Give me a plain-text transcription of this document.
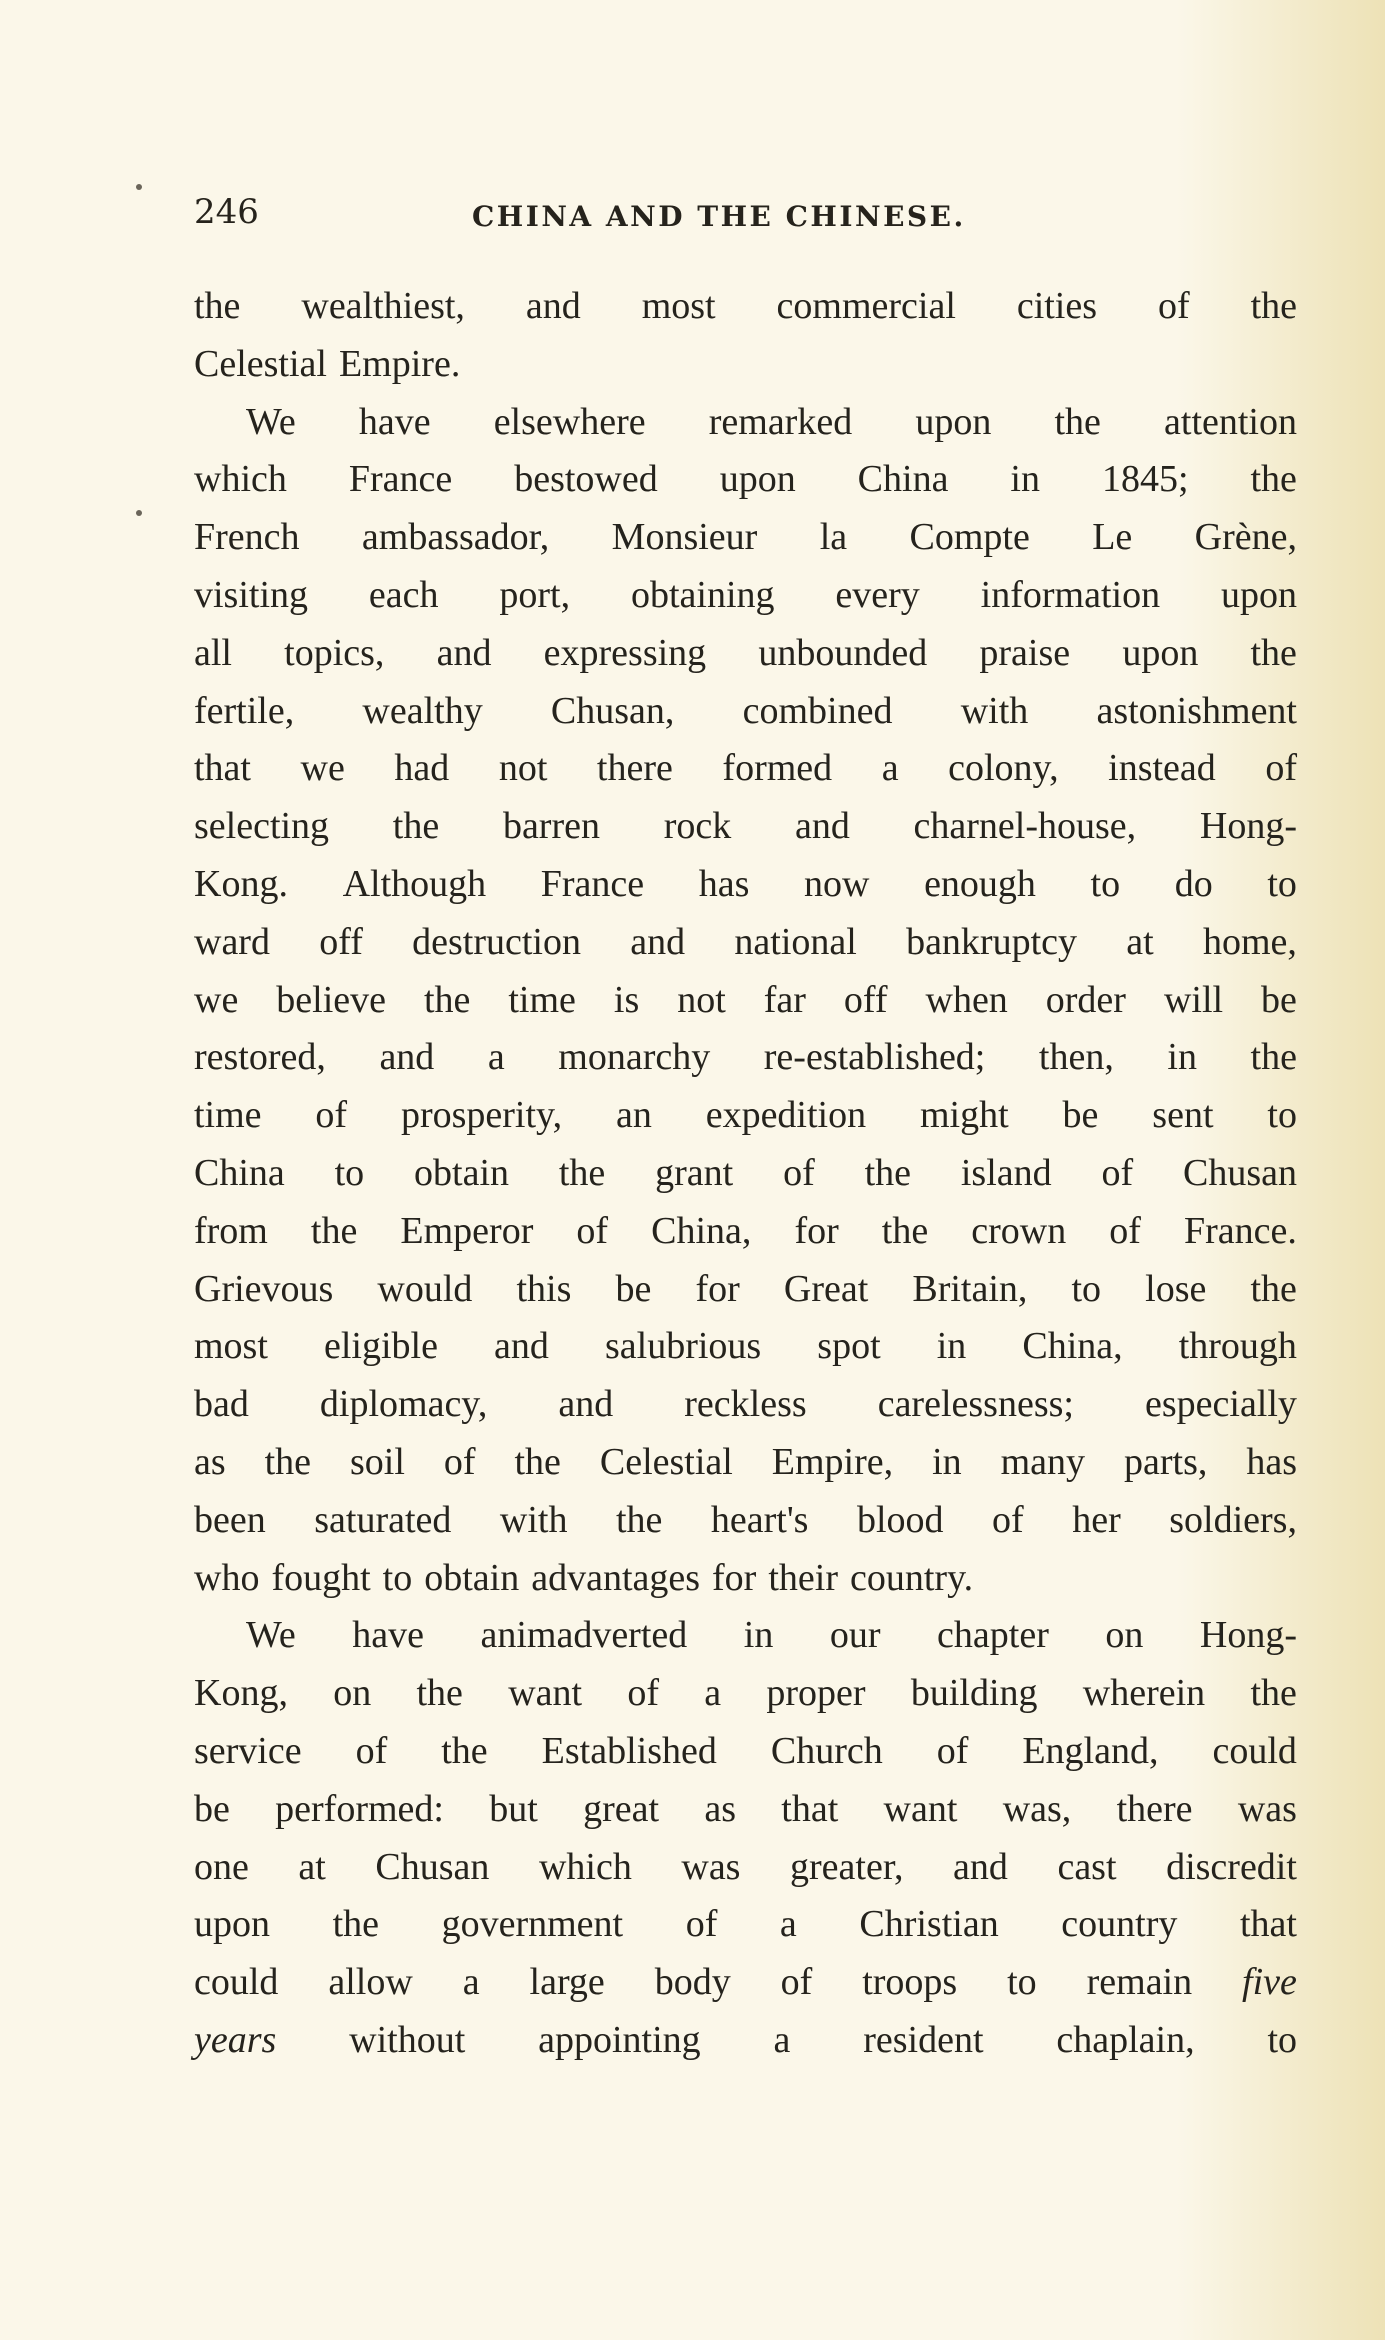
246	CHINA AND THE CHINESE.
the wealthiest, and most commercial cities of the
Celestial Empire.
We have elsewhere remarked upon the attention
which France bestowed upon China in 1845; the
French ambassador, Monsieur la Compte Le Grène,
visiting each port, obtaining every information upon
all topics, and expressing unbounded praise upon the
fertile, wealthy Chusan, combined with astonishment
that we had not there formed a colony, instead of
selecting the barren rock and charnel-house, Hong-
Kong. Although France has now enough to do to
ward off destruction and national bankruptcy at home,
we believe the time is not far off when order will be
restored, and a monarchy re-established; then, in the
time of prosperity, an expedition might be sent to
China to obtain the grant of the island of Chusan
from the Emperor of China, for the crown of France.
Grievous would this be for Great Britain, to lose the
most eligible and salubrious spot in China, through
bad diplomacy, and reckless carelessness; especially
as the soil of the Celestial Empire, in many parts, has
been saturated with the heart's blood of her soldiers,
who fought to obtain advantages for their country.
We have animadverted in our chapter on Hong-
Kong, on the want of a proper building wherein the
service of the Established Church of England, could
be performed: but great as that want was, there was
one at Chusan which was greater, and cast discredit
upon the government of a Christian country that
could allow a large body of troops to remain five
years without appointing a resident chaplain, to
